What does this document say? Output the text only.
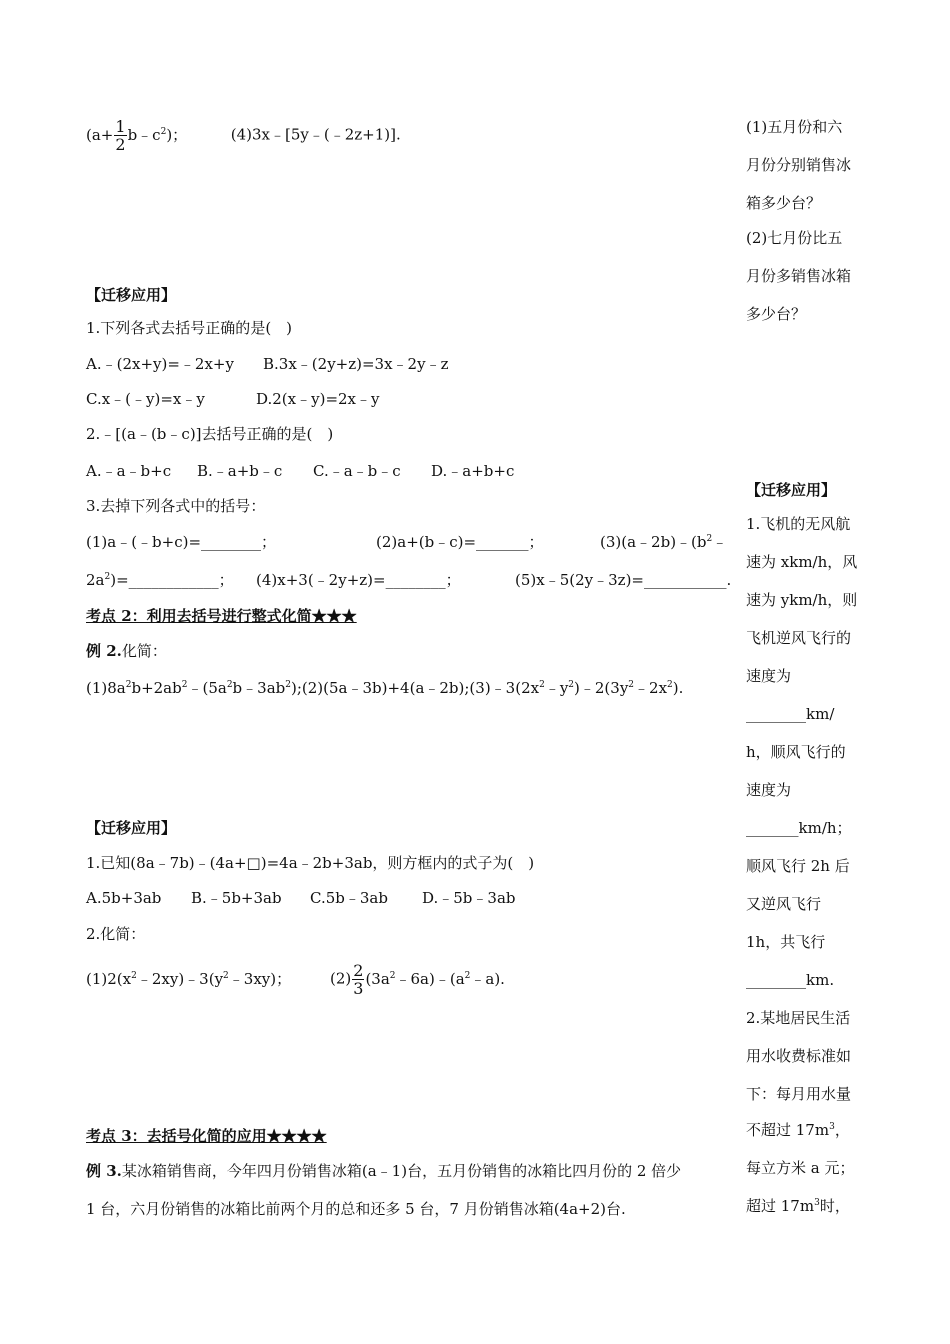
($a+ \frac{1}{2}$ $b﹣c^2$)；	(4)3x﹣[5y﹣(﹣2z+1)].
【迁移应用】
1.下列各式去括号正确的是(　)
A.﹣(2x+y)=﹣2x+y B.3x﹣(2y+z)=3x﹣2y﹣z
C.x﹣(﹣y)=x﹣y	D.2(x﹣y)=2x﹣y
2.﹣[(a﹣(b﹣c)]去括号正确的是(　)
A.﹣a﹣b+c B.﹣a+b﹣c C.﹣a﹣b﹣c D.﹣a+b+c
3.去掉下列各式中的括号：
(1)a﹣(﹣b+c)=________；	(2)a+(b﹣c)=_______；	$(3)(a﹣2b)﹣(b^2﹣$
$2a^2)=\_\_\_\_\_\_\_\_\_\_\_\_$； (4)x+3(﹣2y+z)=________；	(5)x﹣5(2y﹣3z)=___________.
考点 2：利用去括号进行整式化简★★★
例 2.化简：
$(1)8a^2b+2ab^2﹣(5a^2b﹣3ab^2);(2)(5a﹣3b)+4(a﹣2b);(3)﹣3(2x^2﹣y^2)﹣2(3y^2﹣2x^2)$.
【迁移应用】
1.已知(8a﹣7b)﹣(4a+□)=4a﹣2b+3ab，则方框内的式子为(　)
A.5b+3ab B.﹣5b+3ab C.5b﹣3ab D.﹣5b﹣3ab
2.化简：
$(1)2(x^2﹣2xy)﹣3(y^2﹣3xy)$；	$(2) \frac{2}{3}$ $(3a^2﹣6a)﹣(a^2﹣a)$.
考点 3：去括号化简的应用★★★★
例 3.某冰箱销售商，今年四月份销售冰箱(a﹣1)台，五月份销售的冰箱比四月份的 2 倍少
1 台，六月份销售的冰箱比前两个月的总和还多 5 台，7 月份销售冰箱(4a+2)台.
(1)五月份和六
月份分别销售冰
箱多少台？
(2)七月份比五
月份多销售冰箱
多少台？
【迁移应用】
1.飞机的无风航
速为 xkm/h，风
速为 ykm/h，则
飞机逆风飞行的
速度为
________km/
h，顺风飞行的
速度为
_______km/h；
顺风飞行 2h 后
又逆风飞行
1h，共飞行
________km.
2.某地居民生活
用水收费标准如
下：每月用水量
不超过 $17m^3$，
每立方米 a 元；
超过 $17m^3$时，
